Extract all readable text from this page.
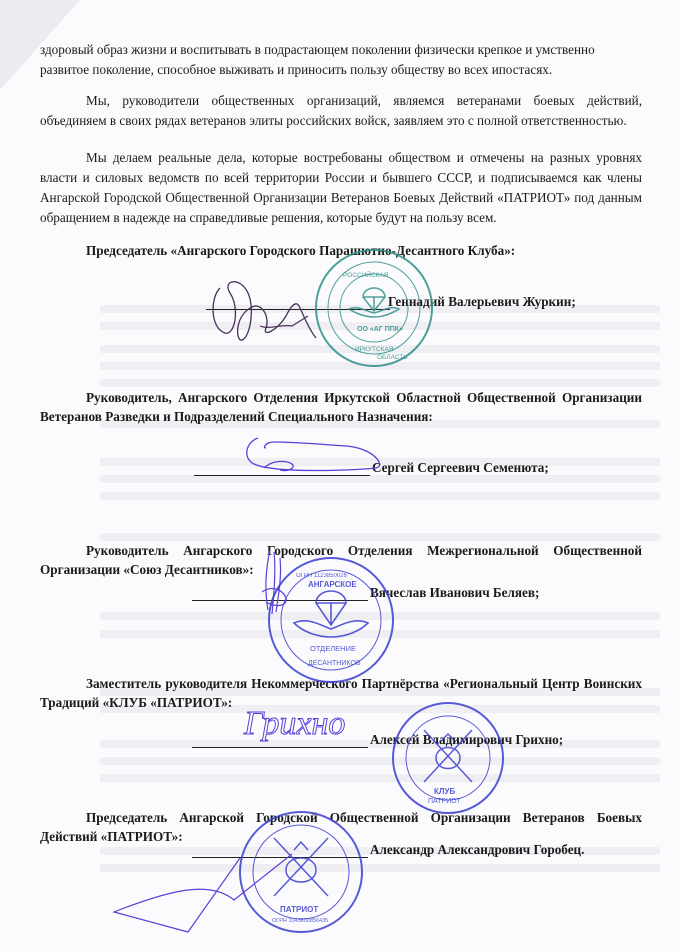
здоровый образ жизни и воспитывать в подрастающем поколении физически крепкое и умственно
развитое поколение, способное выживать и приносить пользу обществу во всех ипостасях.
Мы, руководители общественных организаций, являемся ветеранами боевых действий, объединяем в своих рядах ветеранов элиты российских войск, заявляем это с полной ответственностью.
Мы делаем реальные дела, которые востребованы обществом и отмечены на разных уровнях власти и силовых ведомств по всей территории России и бывшего СССР, и подписываемся как члены Ангарской Городской Общественной Организации Ветеранов Боевых Действий «ПАТРИОТ» под данным обращением в надежде на справедливые решения, которые будут на пользу всем.
Председатель «Ангарского Городского Парашютно-Десантного Клуба»:
Геннадий Валерьевич Журкин;
Руководитель, Ангарского Отделения Иркутской Областной Общественной Организации Ветеранов Разведки и Подразделений Специального Назначения:
Сергей Сергеевич Семенюта;
Руководитель Ангарского Городского Отделения Межрегиональной Общественной Организации «Союз Десантников»:
Вячеслав Иванович Беляев;
Заместитель руководителя Некоммерческого Партнёрства «Региональный Центр Воинских Традиций «КЛУБ «ПАТРИОТ»:
Алексей Владимирович Грихно;
Председатель Ангарской Городской Общественной Организации Ветеранов Боевых Действий «ПАТРИОТ»:
Александр Александрович Горобец.
ОО «АГ ППК»
ИРКУТСКАЯ
ОБЛАСТЬ
РОССИЙСКАЯ
АНГАРСКОЕ
ОГРН 1123850026
ОТДЕЛЕНИЕ
ДЕСАНТНИКОВ
Грихно
КЛУБ
ПАТРИОТ
ПАТРИОТ
ОГРН 1043800856435
